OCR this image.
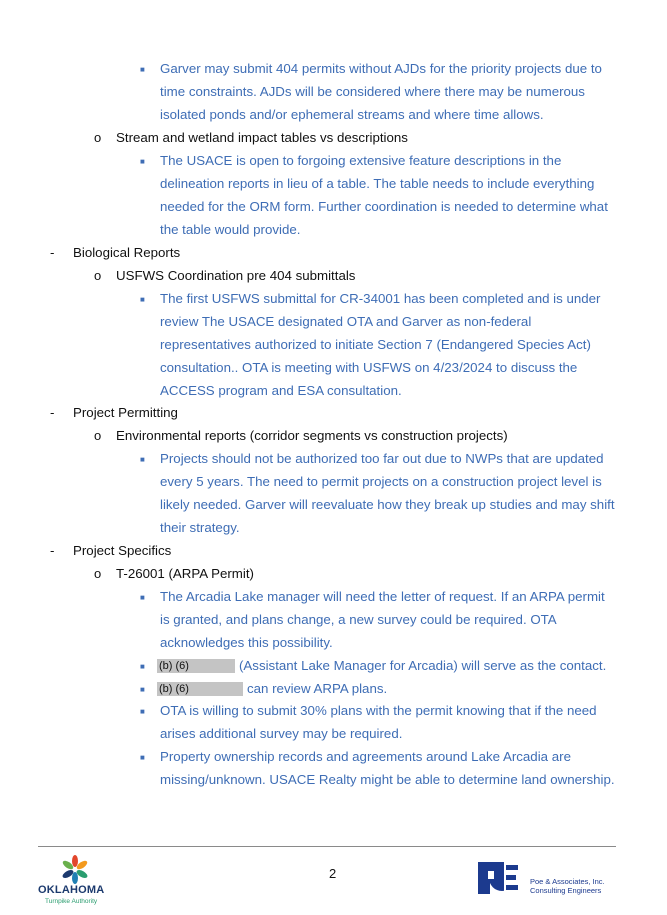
■ Garver may submit 404 permits without AJDs for the priority projects due to
time constraints. AJDs will be considered where there may be numerous
isolated ponds and/or ephemeral streams and where time allows.
o Stream and wetland impact tables vs descriptions
■ The USACE is open to forgoing extensive feature descriptions in the
delineation reports in lieu of a table. The table needs to include everything
needed for the ORM form. Further coordination is needed to determine what
the table would provide.
- Biological Reports
o USFWS Coordination pre 404 submittals
■ The first USFWS submittal for CR-34001 has been completed and is under
review The USACE designated OTA and Garver as non-federal
representatives authorized to initiate Section 7 (Endangered Species Act)
consultation.. OTA is meeting with USFWS on 4/23/2024 to discuss the
ACCESS program and ESA consultation.
- Project Permitting
o Environmental reports (corridor segments vs construction projects)
■ Projects should not be authorized too far out due to NWPs that are updated
every 5 years. The need to permit projects on a construction project level is
likely needed. Garver will reevaluate how they break up studies and may shift
their strategy.
- Project Specifics
o T-26001 (ARPA Permit)
■ The Arcadia Lake manager will need the letter of request. If an ARPA permit
is granted, and plans change, a new survey could be required. OTA
acknowledges this possibility.
■ (b) (6)	(Assistant Lake Manager for Arcadia) will serve as the contact.
■ (b) (6)	can review ARPA plans.
■ OTA is willing to submit 30% plans with the permit knowing that if the need
arises additional survey may be required.
■ Property ownership records and agreements around Lake Arcadia are
missing/unknown. USACE Realty might be able to determine land ownership.
OKLAHOMA
Turnpike Authority
2
Poe & Associates, Inc.
Consulting Engineers
